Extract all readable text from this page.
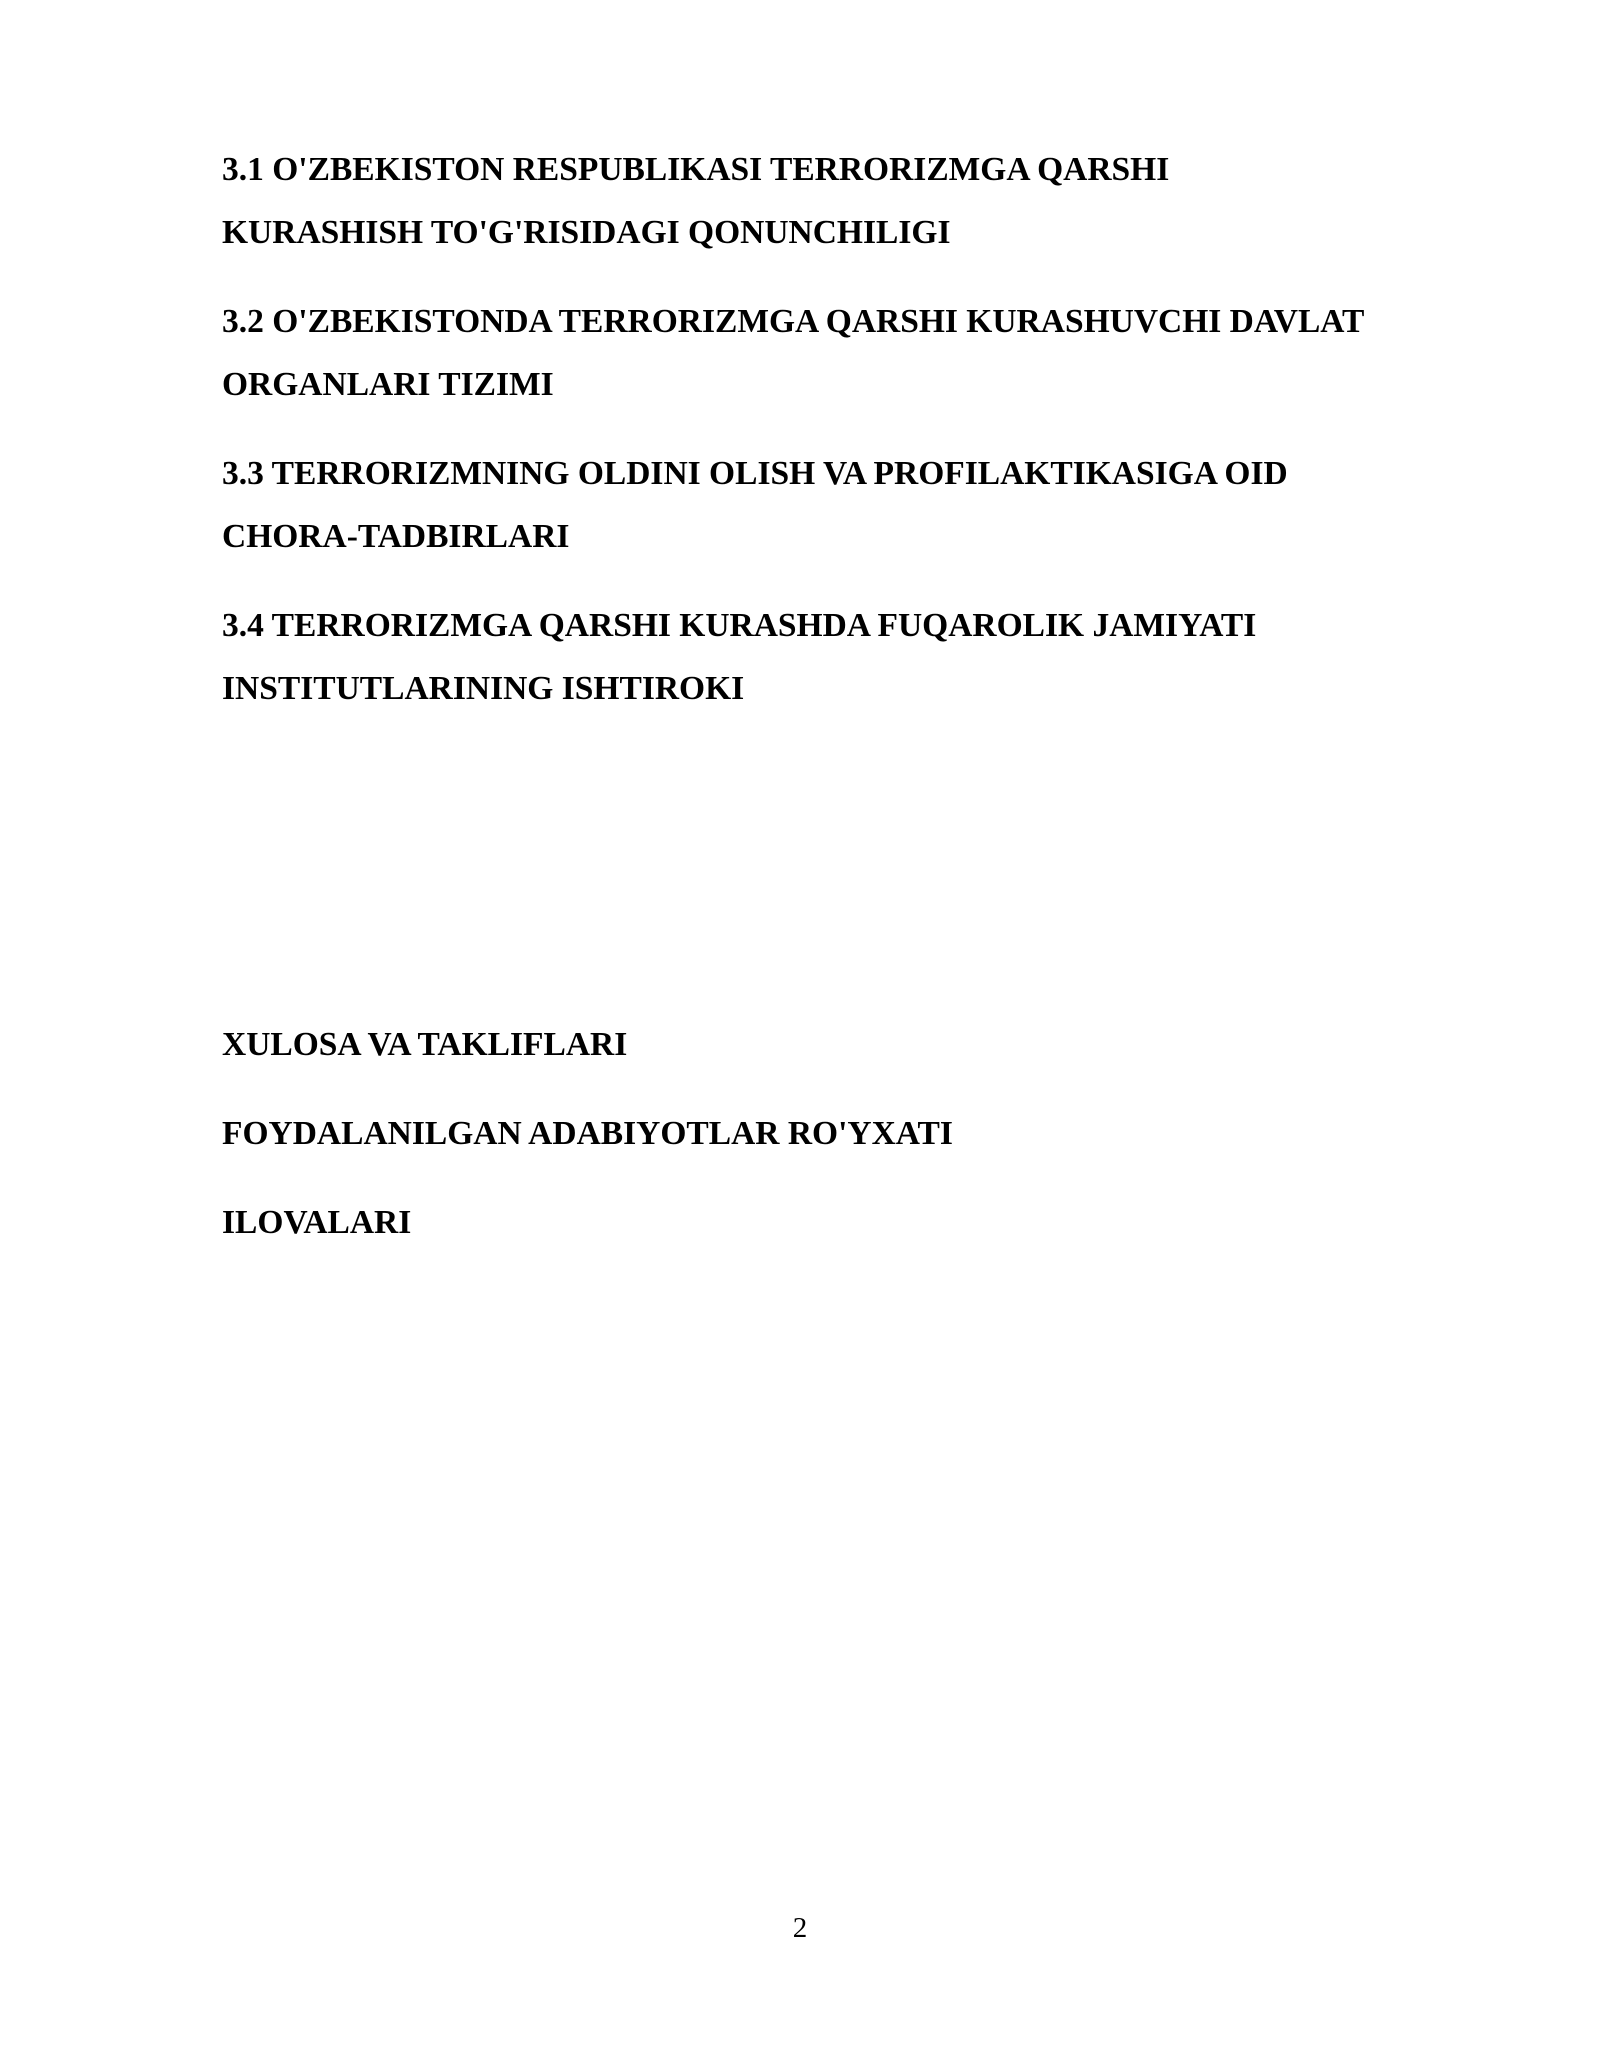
3.1 O'ZBEKISTON RESPUBLIKASI TERRORIZMGA QARSHI
KURASHISH TO'G'RISIDAGI QONUNCHILIGI
3.2 O'ZBEKISTONDA TERRORIZMGA QARSHI KURASHUVCHI DAVLAT
ORGANLARI TIZIMI
3.3 TERRORIZMNING OLDINI OLISH VA PROFILAKTIKASIGA OID
CHORA-TADBIRLARI
3.4 TERRORIZMGA QARSHI KURASHDA FUQAROLIK JAMIYATI
INSTITUTLARINING ISHTIROKI
XULOSA VA TAKLIFLARI
FOYDALANILGAN ADABIYOTLAR RO'YXATI
ILOVALARI
2
